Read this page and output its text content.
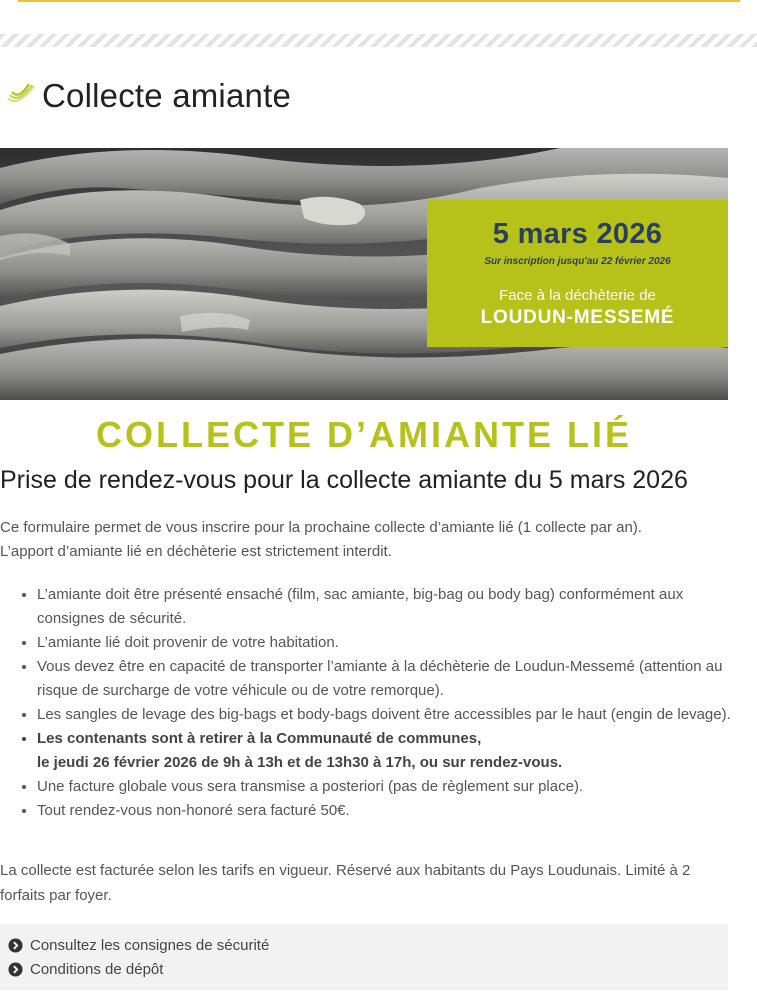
Collecte amiante
5 mars 2026
Sur inscription jusqu'au 22 février 2026
Face à la déchèterie de
LOUDUN-MESSEMÉ
COLLECTE D’AMIANTE LIÉ
Prise de rendez-vous pour la collecte amiante du 5 mars 2026

Ce formulaire permet de vous inscrire pour la prochaine collecte d’amiante lié (1 collecte par an).
L’apport d’amiante lié en déchèterie est strictement interdit.

• L’amiante doit être présenté ensaché (film, sac amiante, big-bag ou body bag) conformément aux consignes de sécurité.
• L’amiante lié doit provenir de votre habitation.
• Vous devez être en capacité de transporter l’amiante à la déchèterie de Loudun-Messemé (attention au risque de surcharge de votre véhicule ou de votre remorque).
• Les sangles de levage des big-bags et body-bags doivent être accessibles par le haut (engin de levage).
• Les contenants sont à retirer à la Communauté de communes,
le jeudi 26 février 2026 de 9h à 13h et de 13h30 à 17h, ou sur rendez-vous.
• Une facture globale vous sera transmise a posteriori (pas de règlement sur place).
• Tout rendez-vous non-honoré sera facturé 50€.

La collecte est facturée selon les tarifs en vigueur. Réservé aux habitants du Pays Loudunais. Limité à 2 forfaits par foyer.

Consultez les consignes de sécurité
Conditions de dépôt
